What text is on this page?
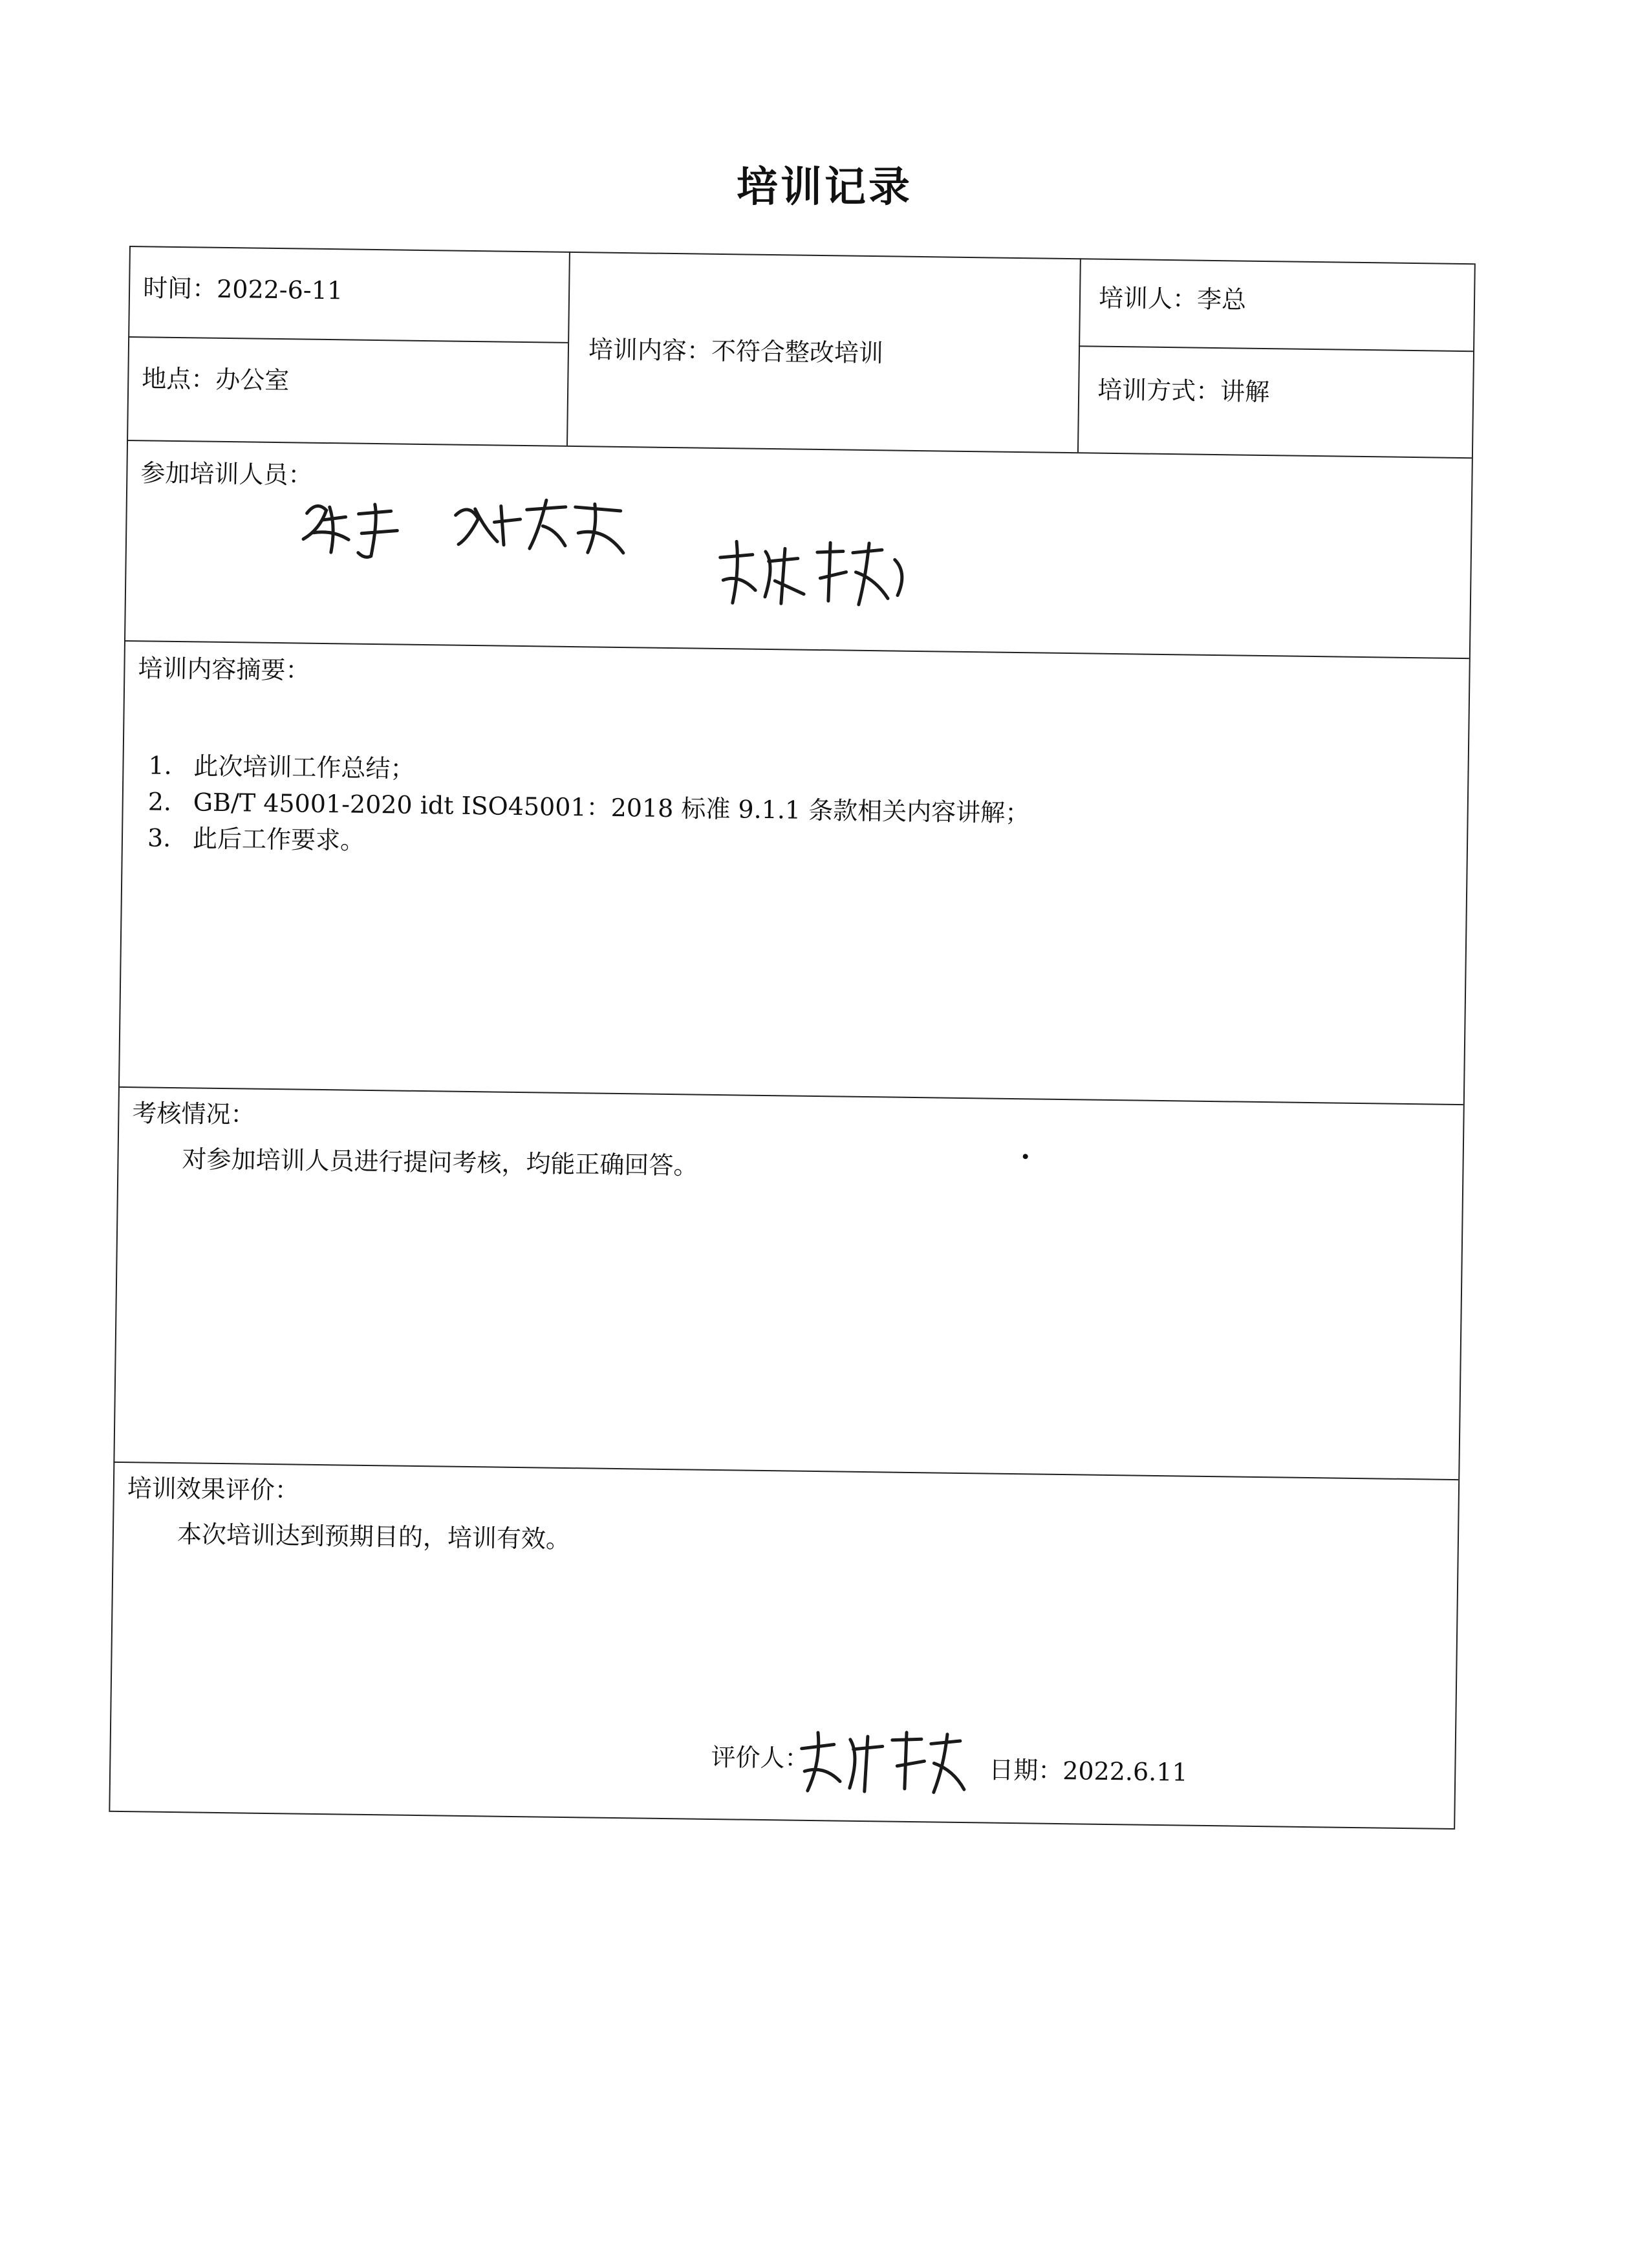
培训记录
时间：2022-6-11
地点：办公室
培训内容：不符合整改培训
培训人：李总
培训方式：讲解
参加培训人员：
培训内容摘要：
1. 此次培训工作总结；
2. GB/T 45001-2020 idt ISO45001：2018 标准 9.1.1 条款相关内容讲解；
3. 此后工作要求。
考核情况：
对参加培训人员进行提问考核，均能正确回答。
培训效果评价：
本次培训达到预期目的，培训有效。
评价人：	日期：2022.6.11
